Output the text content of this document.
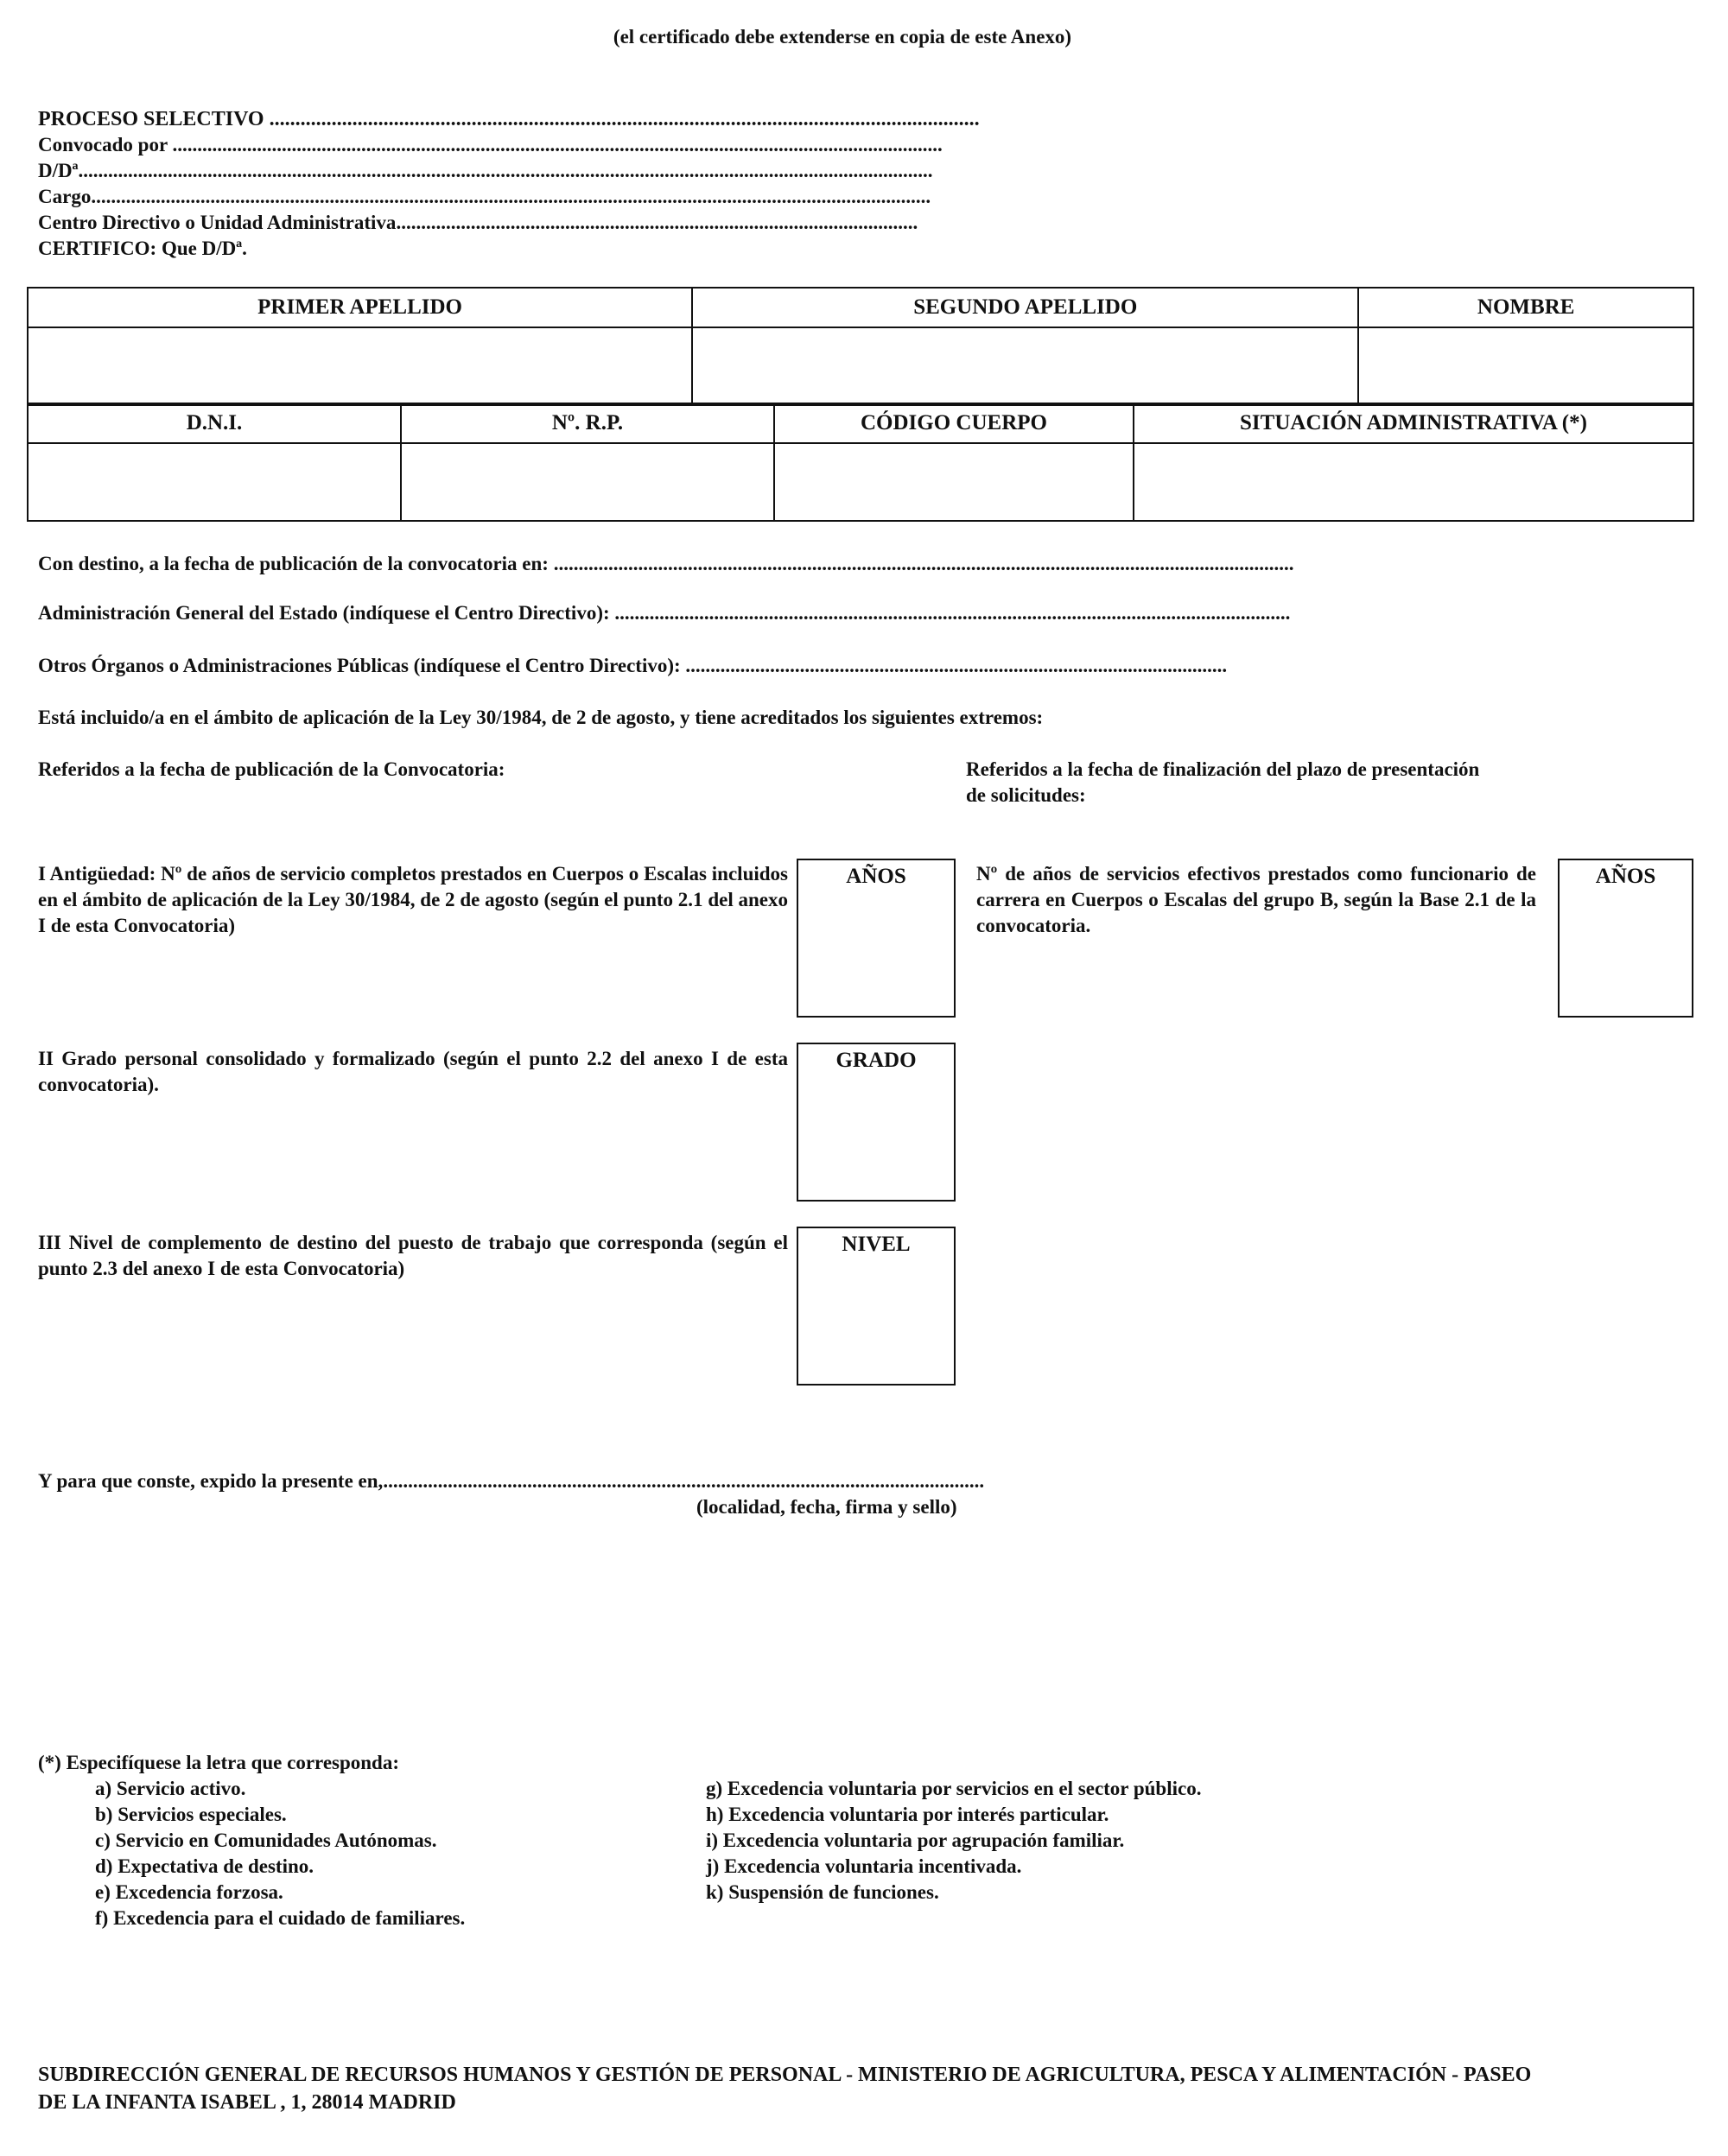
(el certificado debe extenderse en copia de este Anexo)
PROCESO SELECTIVO .........................................................................................................................................
Convocado por ...........................................................................................................................................................
D/Dª............................................................................................................................................................................
Cargo.........................................................................................................................................................................
Centro Directivo o Unidad Administrativa.........................................................................................................
CERTIFICO: Que D/Dª.
PRIMER APELLIDO	SEGUNDO APELLIDO	NOMBRE

D.N.I.	Nº. R.P.	CÓDIGO CUERPO	SITUACIÓN ADMINISTRATIVA (*)

Con destino, a la fecha de publicación de la convocatoria en: .....................................................................................................................................................
Administración General del Estado (indíquese el Centro Directivo): ........................................................................................................................................
Otros Órganos o Administraciones Públicas (indíquese el Centro Directivo): .............................................................................................................
Está incluido/a en el ámbito de aplicación de la Ley 30/1984, de 2 de agosto, y tiene acreditados los siguientes extremos:
Referidos a la fecha de publicación de la Convocatoria:	Referidos a la fecha de finalización del plazo de presentación
de solicitudes:
I Antigüedad: Nº de años de servicio completos prestados en Cuerpos o Escalas incluidos en el ámbito de aplicación de la Ley 30/1984, de 2 de agosto (según el punto 2.1 del anexo I de esta Convocatoria)
AÑOS	Nº de años de servicios efectivos prestados como funcionario de carrera en Cuerpos o Escalas del grupo B, según la Base 2.1 de la convocatoria.
AÑOS
II Grado personal consolidado y formalizado (según el punto 2.2 del anexo I de esta convocatoria).
GRADO
III Nivel de complemento de destino del puesto de trabajo que corresponda (según el punto 2.3 del anexo I de esta Convocatoria)
NIVEL
Y para que conste, expido la presente en,.........................................................................................................................
(localidad, fecha, firma y sello)
(*) Especifíquese la letra que corresponda:
a) Servicio activo.
b) Servicios especiales.
c) Servicio en Comunidades Autónomas.
d) Expectativa de destino.
e) Excedencia forzosa.
f) Excedencia para el cuidado de familiares.
g) Excedencia voluntaria por servicios en el sector público.
h) Excedencia voluntaria por interés particular.
i) Excedencia voluntaria por agrupación familiar.
j) Excedencia voluntaria incentivada.
k) Suspensión de funciones.
SUBDIRECCIÓN GENERAL DE RECURSOS HUMANOS Y GESTIÓN DE PERSONAL - MINISTERIO DE AGRICULTURA, PESCA Y ALIMENTACIÓN - PASEO
DE LA INFANTA ISABEL , 1, 28014 MADRID
